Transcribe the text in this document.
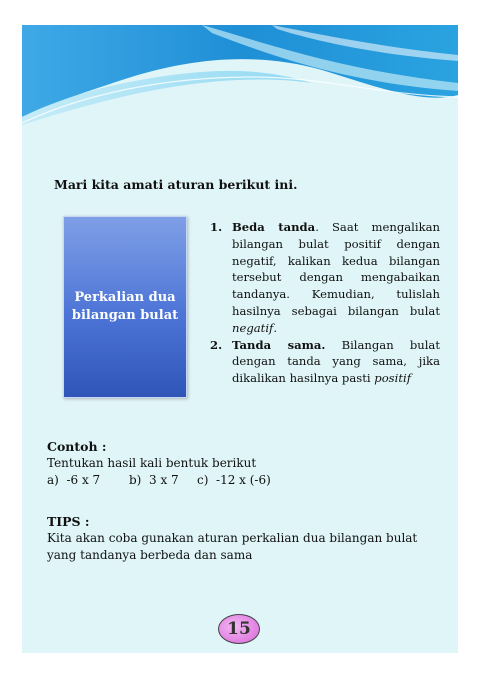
Mari kita amati aturan berikut ini.
Perkalian dua bilangan bulat
1. Beda tanda. Saat mengalikan bilangan bulat positif dengan negatif, kalikan kedua bilangan tersebut dengan mengabaikan tandanya. Kemudian, tulislah hasilnya sebagai bilangan bulat negatif.
2. Tanda sama. Bilangan bulat dengan tanda yang sama, jika dikalikan hasilnya pasti positif
Contoh :
Tentukan hasil kali bentuk berikut
a)  -6 x 7 b)  3 x 7 c)  -12 x (-6)
TIPS :
Kita akan coba gunakan aturan perkalian dua bilangan bulat yang tandanya berbeda dan sama
15
